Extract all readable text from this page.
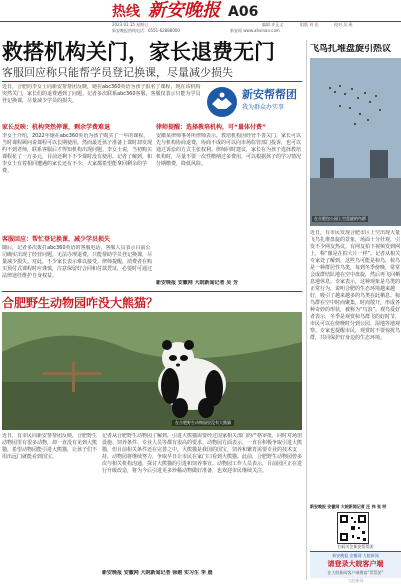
热线 新安晚报 A06
2023.01.15 星期日	编辑 许正文	组版 刘 佳	校对 吴 燕
新安晚报热线电话：0551-62888000	新安网 www.ahxinan.com
救搭机构关门，家长退费无门
客服回应称只能帮学员登记换课，尽量减少损失
近日，合肥的李女士向新安帮帮团反映，她在abc360英语为孩子报名了课程，现在该机构突然关门，家长们的退费遇到了问题。记者多次联系abc360客服，客服仅表示只能为学员登记换课，尽量减少学员的损失。	新安帮帮团
我为群众办实事
家长反映：机构突然停课，剩余学费难退
李女士介绍，2022年她在abc360英语为孩子购买了一年的课程，当时课程顾问说课程可以长期使用。然而最近孩子准备上课时却发现约不到老师，联系客服后才得知机构出现问题。李女士说，当初购买课程花了一万多元，目前还剩下不少课时没有使用。记者了解到，和李女士有着相同遭遇的家长还有不少，大家都希望能拿回剩余的学费。
客服回应：帮忙登记换课，减少学员损失
随后，记者多次拨打abc360英语的客服电话，客服人员表示目前公司确实出现了经营问题，无法办理退费，只能帮助学员登记换课，尽量减少损失。对此，不少家长表示难以接受。律师提醒，消费者在购买预付式课程时应谨慎，注意保留好合同和付款凭证，必要时可通过法律途径维护自身权益。
律师提醒：选择教培机构，可“量体付费”
安徽某律师事务所律师表示，教培机构因经营不善关门，家长可以先与机构协商退费，协商不成的可以向市场监管部门投诉，也可以通过诉讼的方式主张权利。律师同时建议，家长在为孩子选择教培机构时，尽量不要一次性缴纳过多费用，可以根据孩子的学习情况分期缴费，降低风险。
新安晚报 安徽网 大皖新闻记者 吴 芳
合肥野生动物园咋没大熊猫？
在合肥野生动物园里没有大熊猫
近日，有市民向新安帮帮团反映，合肥野生动物园里有很多动物，却一直没有见到大熊猫，希望动物园能引进大熊猫，让孩子们不用出远门就能看到国宝。
记者从合肥野生动物园了解到，引进大熊猫需要经过国家相关部门的严格审批，同时对场馆设施、饲养条件、专业人员等都有很高的要求。动物园方面表示，一直在积极争取引进大熊猫，但目前相关条件还在完善之中。大熊猫是我国的国宝，饲养和繁育需要专业的技术支持，动物园将继续努力，争取早日让市民在家门口看到大熊猫。此前，合肥野生动物园曾多次与相关机构沟通，探讨大熊猫的引进和饲养事宜。动物园工作人员表示，目前园区正在进行升级改造，将为今后引进更多珍稀动物做好准备，也欢迎市民继续关注。
新安晚报 安徽网 大皖新闻记者 徐越 实习生 李 晨
飞鸟扎堆盘旋引热议
在合肥包公园上空盘旋的鸟群
近日，有市民发现合肥市区上空出现大量飞鸟扎堆盘旋的景象，场面十分壮观，引发不少网友热议。有网友拍下视频发到网上，称“像是在拍大片一样”。记者从相关专家处了解到，这些鸟可能是椋鸟，椋鸟是一种群居性鸟类，每到冬季傍晚，常常会成群结队地在空中盘旋，然后再飞回栖息地休息。专家表示，这种现象是鸟类的正常行为，说明合肥的生态环境越来越好，吸引了越来越多的鸟类在此栖息。椋鸟群在空中时而聚集，时而散开，形成各种奇妙的形状，被称为“鸟浪”。观鸟爱好者表示，冬季是观赏椋鸟群飞的好时节，市民可以在傍晚时分到公园、湿地等地观察。专家也提醒市民，观赏时不要惊扰鸟群，共同保护好身边的生态环境。
新安晚报 安徽网 大皖新闻记者 汪 伟 张 明
扫码关注新安帮帮团
新安晚报 安徽网 大皖新闻
请登录大皖客户端
在大皖新闻客户端搜索“帮帮团”
大皖新闻
